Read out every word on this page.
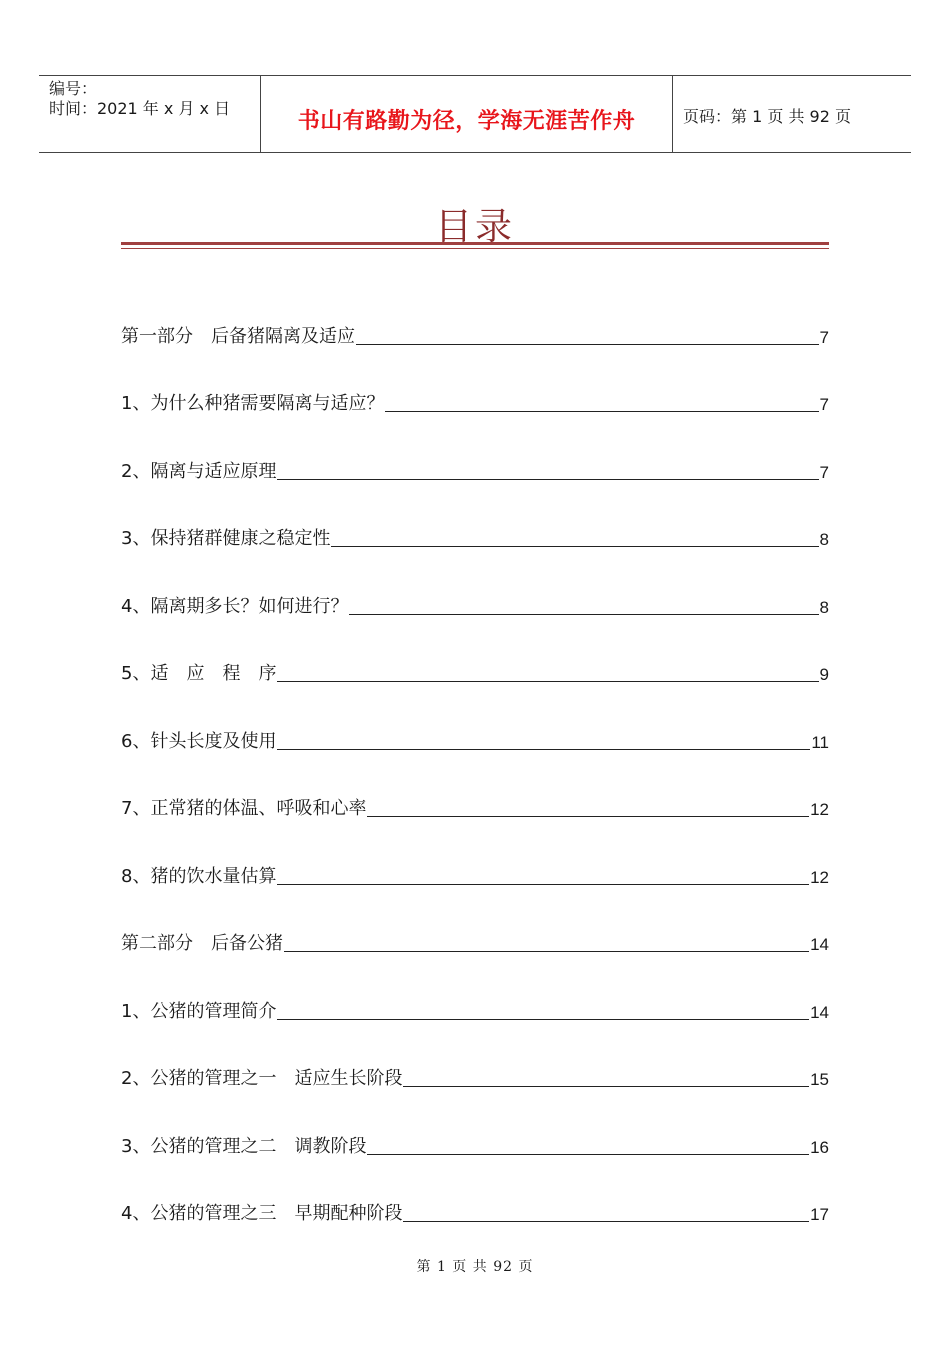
编号：
时间：2021 年 x 月 x 日
书山有路勤为径，学海无涯苦作舟	页码：第 1 页 共 92 页
目录
第一部分　后备猪隔离及适应	7
1、为什么种猪需要隔离与适应？	7
2、隔离与适应原理	7
3、保持猪群健康之稳定性	8
4、隔离期多长？如何进行？	8
5、适　应　程　序	9
6、针头长度及使用	11
7、正常猪的体温、呼吸和心率	12
8、猪的饮水量估算	12
第二部分　后备公猪	14
1、公猪的管理简介	14
2、公猪的管理之一　适应生长阶段	15
3、公猪的管理之二　调教阶段	16
4、公猪的管理之三　早期配种阶段	17
第 1 页 共 92 页
